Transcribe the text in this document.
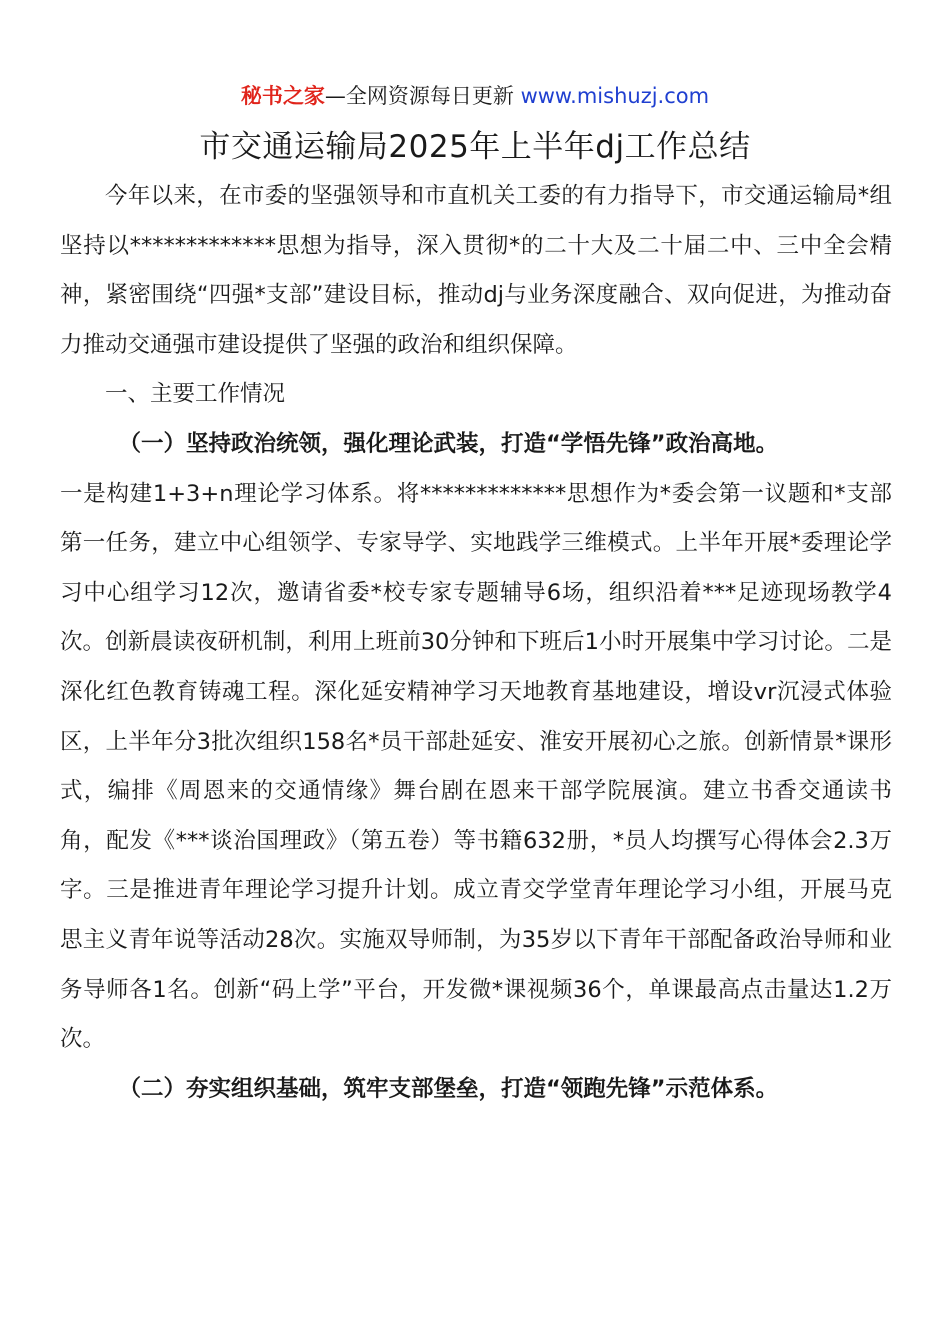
秘书之家—全网资源每日更新 www.mishuzj.com
市交通运输局2025年上半年dj工作总结

今年以来，在市委的坚强领导和市直机关工委的有力指导下，市交通运输局*组坚持以*************思想为指导，深入贯彻*的二十大及二十届二中、三中全会精神，紧密围绕“四强*支部”建设目标，推动dj与业务深度融合、双向促进，为推动奋力推动交通强市建设提供了坚强的政治和组织保障。

一、主要工作情况

（一）坚持政治统领，强化理论武装，打造“学悟先锋”政治高地。

一是构建1+3+n理论学习体系。将*************思想作为*委会第一议题和*支部第一任务，建立中心组领学、专家导学、实地践学三维模式。上半年开展*委理论学习中心组学习12次，邀请省委*校专家专题辅导6场，组织沿着***足迹现场教学4次。创新晨读夜研机制，利用上班前30分钟和下班后1小时开展集中学习讨论。二是深化红色教育铸魂工程。深化延安精神学习天地教育基地建设，增设vr沉浸式体验区，上半年分3批次组织158名*员干部赴延安、淮安开展初心之旅。创新情景*课形式，编排《周恩来的交通情缘》舞台剧在恩来干部学院展演。建立书香交通读书角，配发《***谈治国理政》（第五卷）等书籍632册，*员人均撰写心得体会2.3万字。三是推进青年理论学习提升计划。成立青交学堂青年理论学习小组，开展马克思主义青年说等活动28次。实施双导师制，为35岁以下青年干部配备政治导师和业务导师各1名。创新“码上学”平台，开发微*课视频36个，单课最高点击量达1.2万次。

（二）夯实组织基础，筑牢支部堡垒，打造“领跑先锋”示范体系。
